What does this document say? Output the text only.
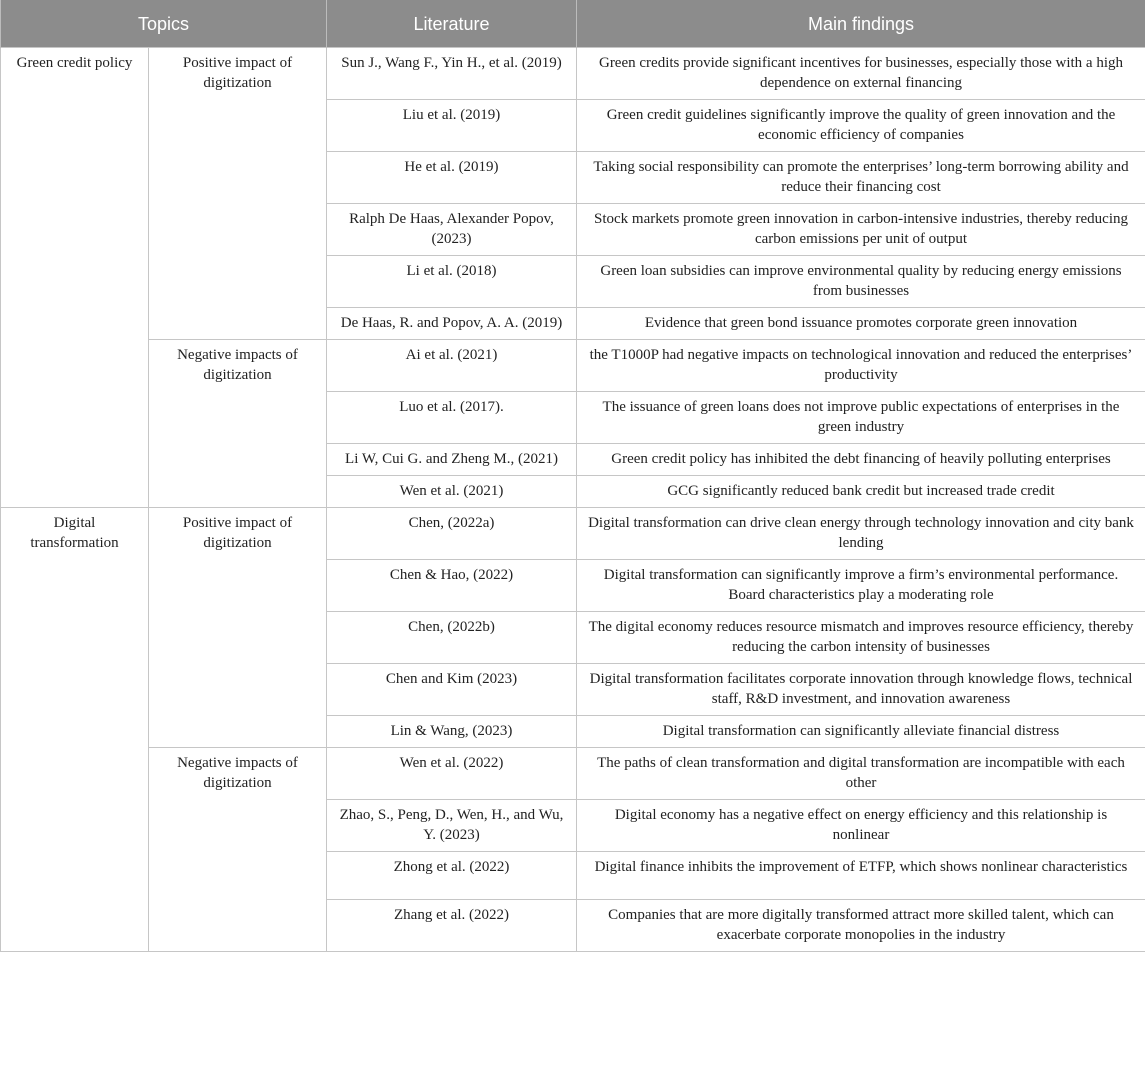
Topics		Literature	Main findings
Green credit policy	Positive impact of digitization	Sun J., Wang F., Yin H., et al. (2019)	Green credits provide significant incentives for businesses, especially those with a high dependence on external financing
		Liu et al. (2019)	Green credit guidelines significantly improve the quality of green innovation and the economic efficiency of companies
		He et al. (2019)	Taking social responsibility can promote the enterprises’ long-term borrowing ability and reduce their financing cost
		Ralph De Haas, Alexander Popov, (2023)	Stock markets promote green innovation in carbon-intensive industries, thereby reducing carbon emissions per unit of output
		Li et al. (2018)	Green loan subsidies can improve environmental quality by reducing energy emissions from businesses
		De Haas, R. and Popov, A. A. (2019)	Evidence that green bond issuance promotes corporate green innovation
	Negative impacts of digitization	Ai et al. (2021)	the T1000P had negative impacts on technological innovation and reduced the enterprises’ productivity
		Luo et al. (2017).	The issuance of green loans does not improve public expectations of enterprises in the green industry
		Li W, Cui G. and Zheng M., (2021)	Green credit policy has inhibited the debt financing of heavily polluting enterprises
		Wen et al. (2021)	GCG significantly reduced bank credit but increased trade credit
Digital transformation	Positive impact of digitization	Chen, (2022a)	Digital transformation can drive clean energy through technology innovation and city bank lending
		Chen & Hao, (2022)	Digital transformation can significantly improve a firm’s environmental performance. Board characteristics play a moderating role
		Chen, (2022b)	The digital economy reduces resource mismatch and improves resource efficiency, thereby reducing the carbon intensity of businesses
		Chen and Kim (2023)	Digital transformation facilitates corporate innovation through knowledge flows, technical staff, R&D investment, and innovation awareness
		Lin & Wang, (2023)	Digital transformation can significantly alleviate financial distress
	Negative impacts of digitization	Wen et al. (2022)	The paths of clean transformation and digital transformation are incompatible with each other
		Zhao, S., Peng, D., Wen, H., and Wu, Y. (2023)	Digital economy has a negative effect on energy efficiency and this relationship is nonlinear
		Zhong et al. (2022)	Digital finance inhibits the improvement of ETFP, which shows nonlinear characteristics
		Zhang et al. (2022)	Companies that are more digitally transformed attract more skilled talent, which can exacerbate corporate monopolies in the industry
